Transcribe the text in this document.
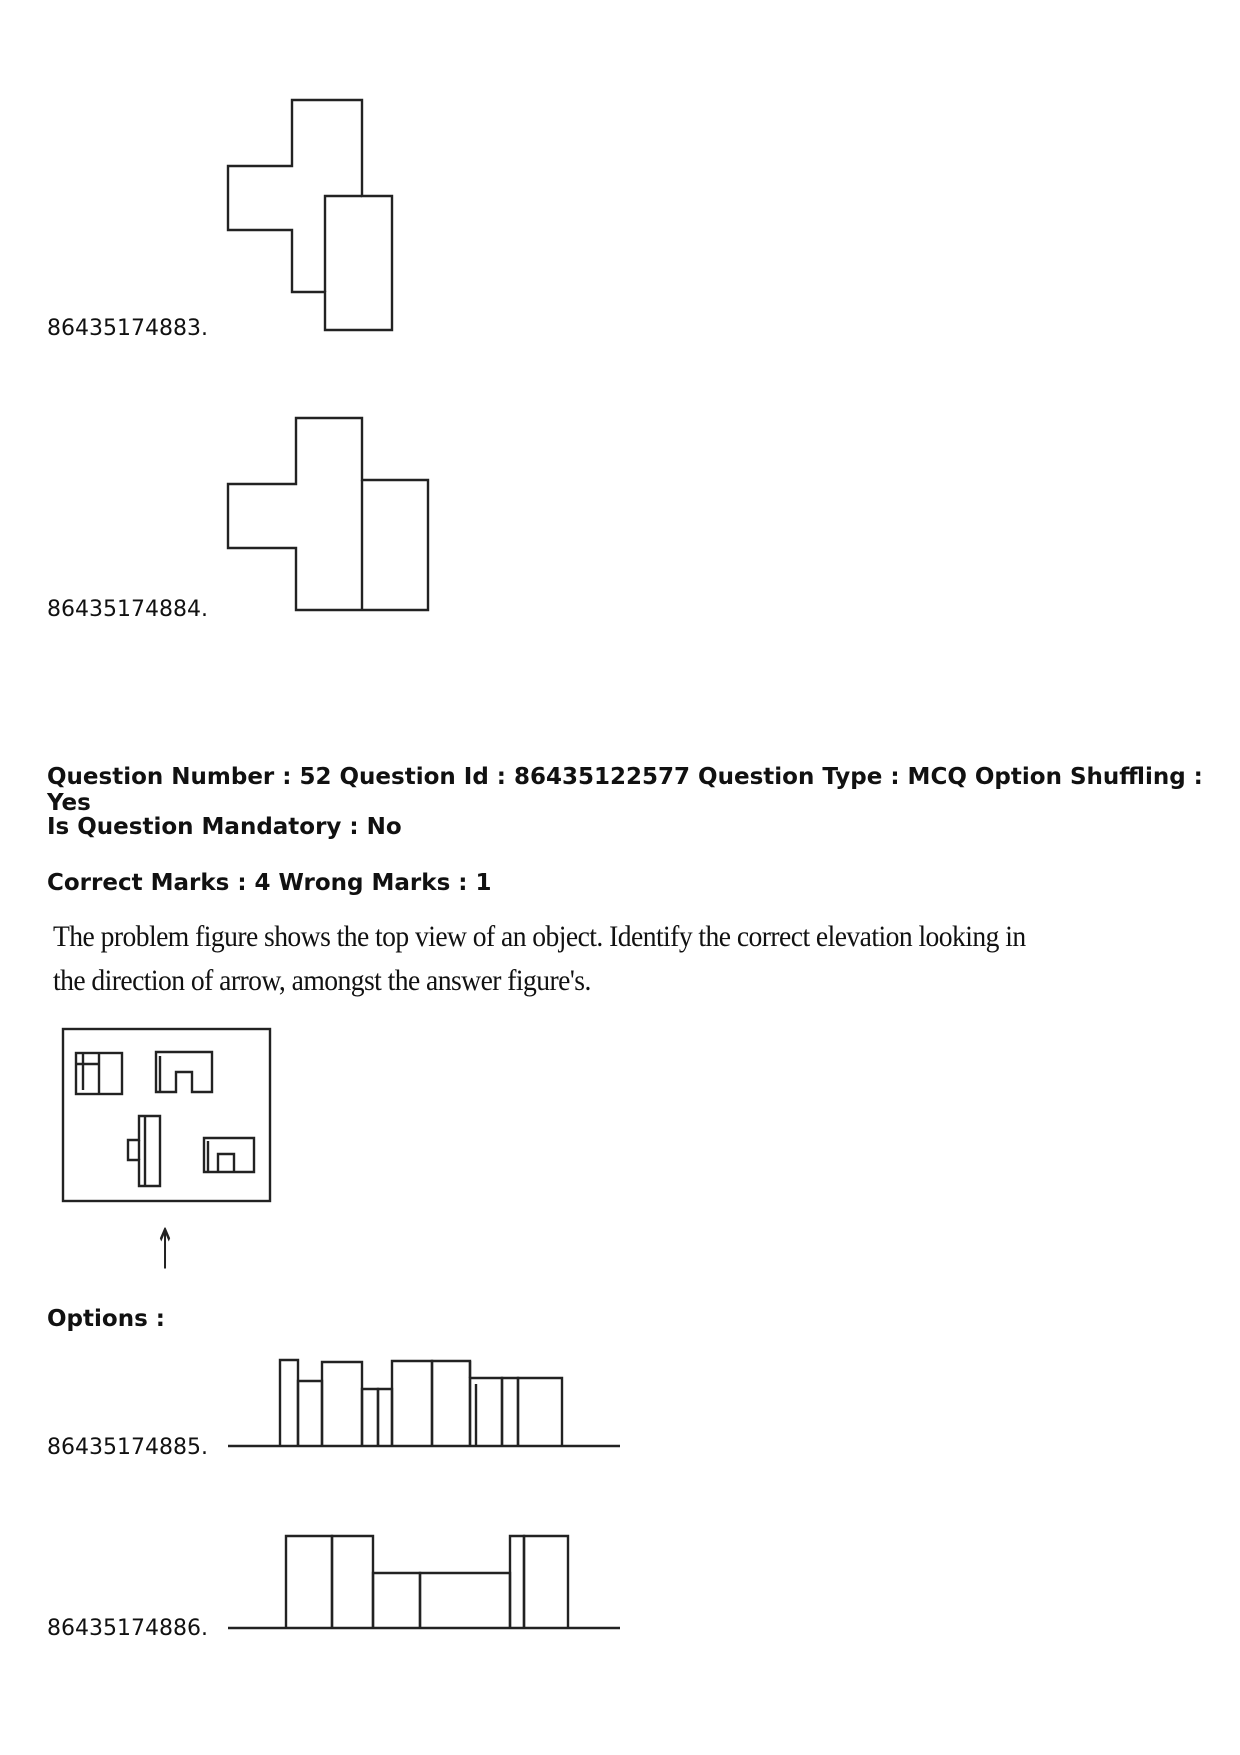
86435174883.
86435174884.
Question Number : 52 Question Id : 86435122577 Question Type : MCQ Option Shuffling : Yes
Is Question Mandatory : No
Correct Marks : 4 Wrong Marks : 1
The problem figure shows the top view of an object. Identify the correct elevation looking in
the direction of arrow, amongst the answer figure's.
↑
Options :
86435174885.
86435174886.
